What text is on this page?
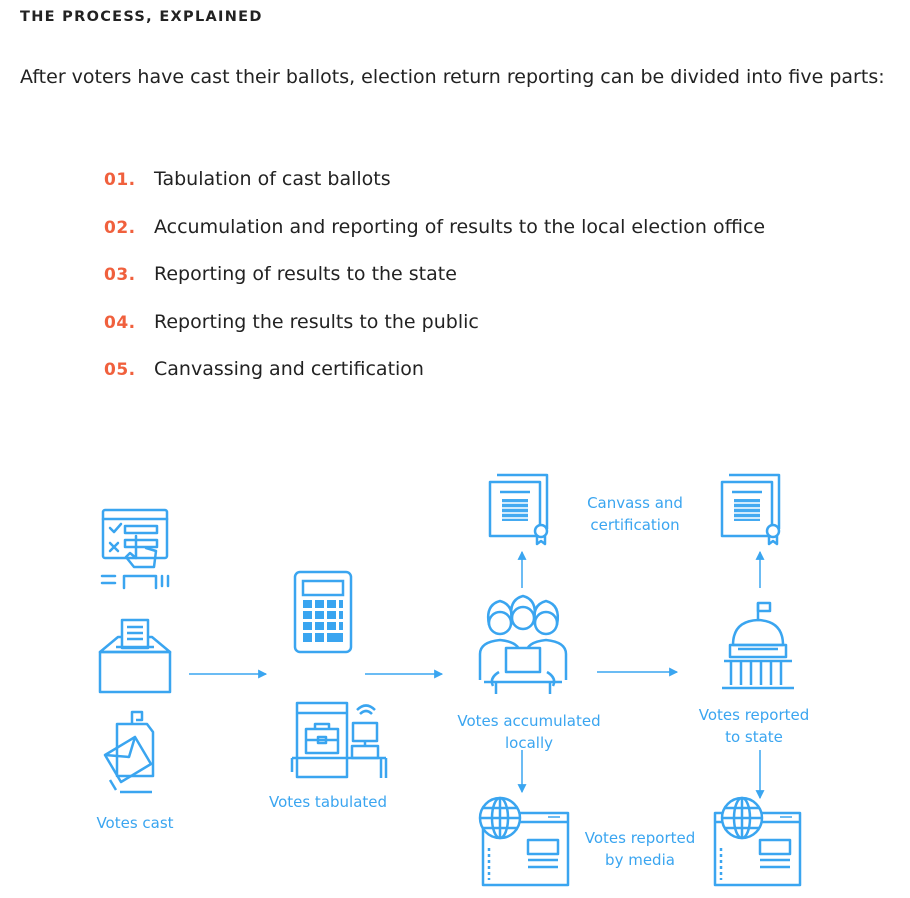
THE PROCESS, EXPLAINED
After voters have cast their ballots, election return reporting can be divided into five parts:
01. Tabulation of cast ballots
02. Accumulation and reporting of results to the local election office
03. Reporting of results to the state
04. Reporting the results to the public
05. Canvassing and certification
Votes cast
Votes tabulated
Votes accumulated
locally
Votes reported
to state
Votes reported
by media
Canvass and
certification
